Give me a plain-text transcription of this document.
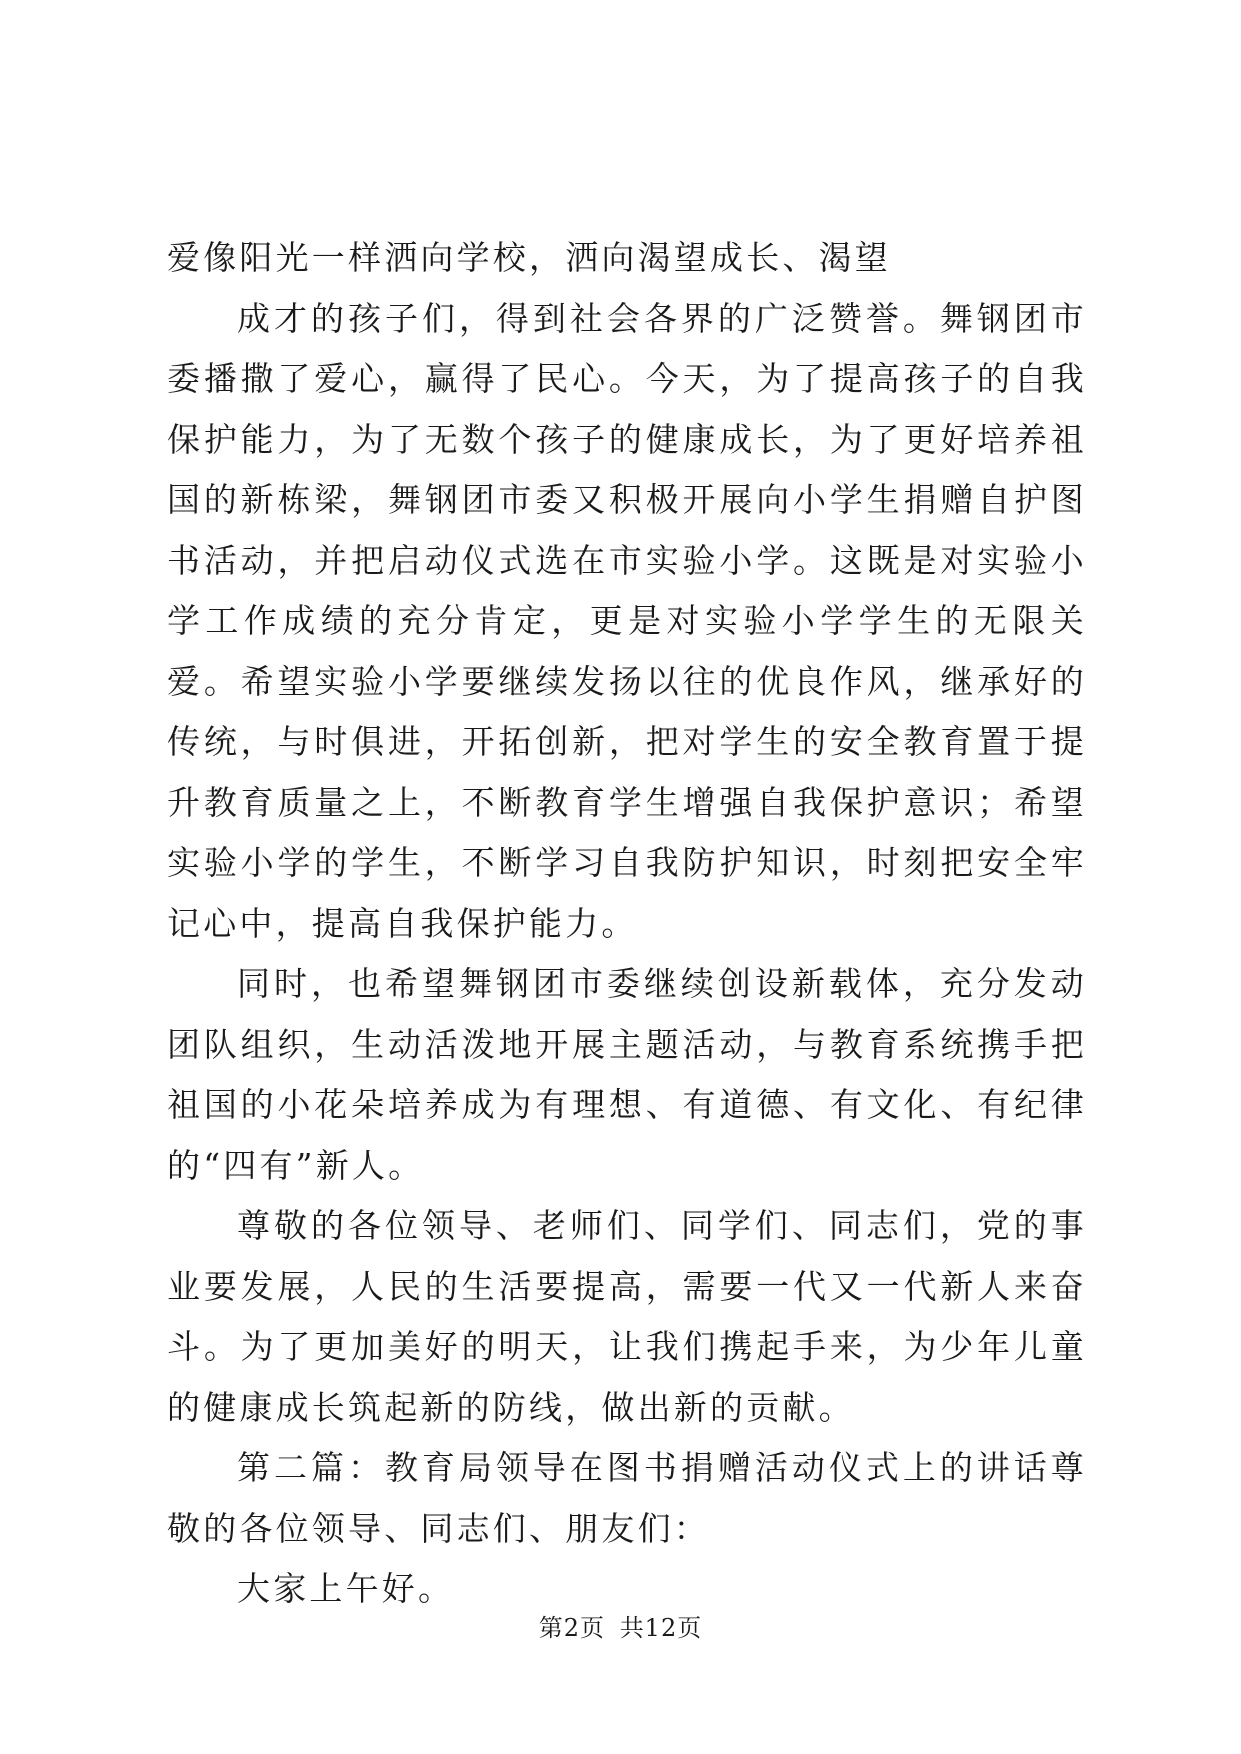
爱像阳光一样洒向学校，洒向渴望成长、渴望

成才的孩子们，得到社会各界的广泛赞誉。舞钢团市委播撒了爱心，赢得了民心。今天，为了提高孩子的自我保护能力，为了无数个孩子的健康成长，为了更好培养祖国的新栋梁，舞钢团市委又积极开展向小学生捐赠自护图书活动，并把启动仪式选在市实验小学。这既是对实验小学工作成绩的充分肯定，更是对实验小学学生的无限关爱。希望实验小学要继续发扬以往的优良作风，继承好的传统，与时俱进，开拓创新，把对学生的安全教育置于提升教育质量之上，不断教育学生增强自我保护意识；希望实验小学的学生，不断学习自我防护知识，时刻把安全牢记心中，提高自我保护能力。

同时，也希望舞钢团市委继续创设新载体，充分发动团队组织，生动活泼地开展主题活动，与教育系统携手把祖国的小花朵培养成为有理想、有道德、有文化、有纪律的“四有”新人。

尊敬的各位领导、老师们、同学们、同志们，党的事业要发展，人民的生活要提高，需要一代又一代新人来奋斗。为了更加美好的明天，让我们携起手来，为少年儿童的健康成长筑起新的防线，做出新的贡献。

第二篇：教育局领导在图书捐赠活动仪式上的讲话尊敬的各位领导、同志们、朋友们：

大家上午好。

第2页 共12页
